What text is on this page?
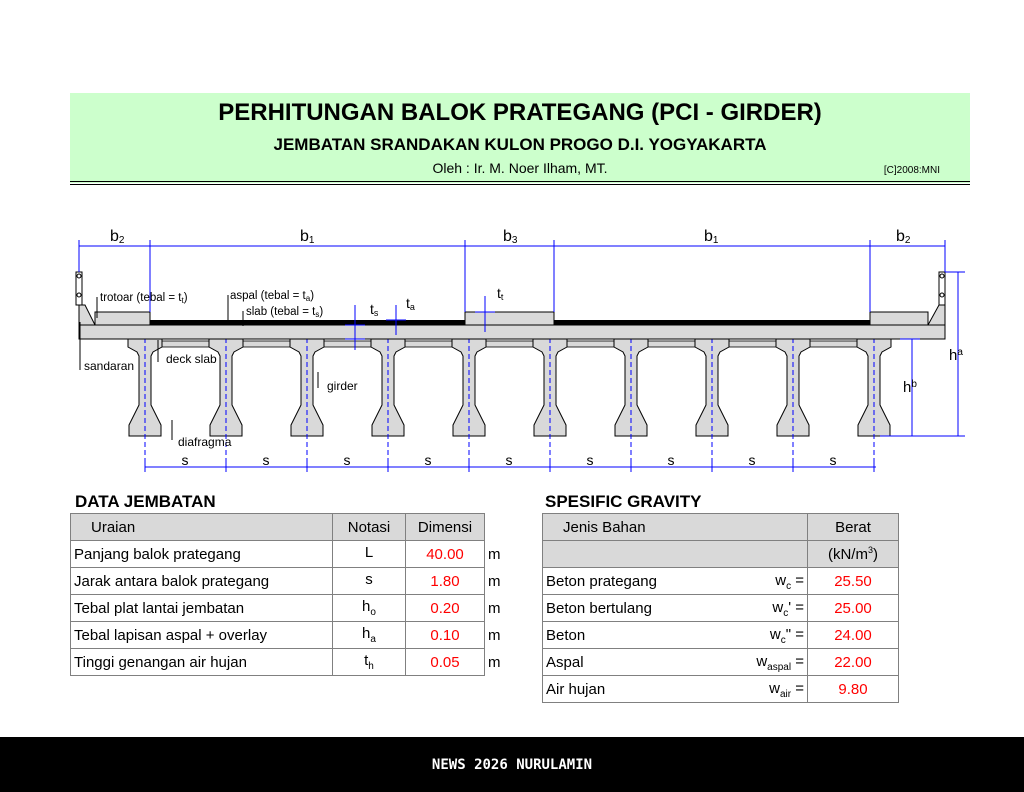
PERHITUNGAN BALOK PRATEGANG (PCI - GIRDER)
JEMBATAN SRANDAKAN KULON PROGO D.I. YOGYAKARTA
Oleh : Ir. M. Noer Ilham, MT.	[C]2008:MNI
b2	b1	b3	b1	b2
trotoar (tebal = tt)	aspal (tebal = ta)
slab (tebal = ts)	ts
ta
tt
sandaran	deck slab
girder
diafragma
$h^a$
$h^b$
s	s	s	s	s	s	s	s	s
DATA JEMBATAN
Uraian	Notasi	Dimensi	
Panjang balok prategang	L	40.00	m
Jarak antara balok prategang	s	1.80	m
Tebal plat lantai jembatan	$h_o$	0.20	m
Tebal lapisan aspal + overlay	$h_a$	0.10	m
Tinggi genangan air hujan	$t_h$	0.05	m
SPESIFIC GRAVITY
Jenis Bahan	Berat
	$(kN/m^3)$
Beton prategang $w_c$ =	25.50
Beton bertulang $w_c'$ =	25.00
Beton $w_c$" =	24.00
Aspal $w_{aspal}$ =	22.00
Air hujan $w_{air}$ =	9.80
NEWS 2026 NURULAMIN
